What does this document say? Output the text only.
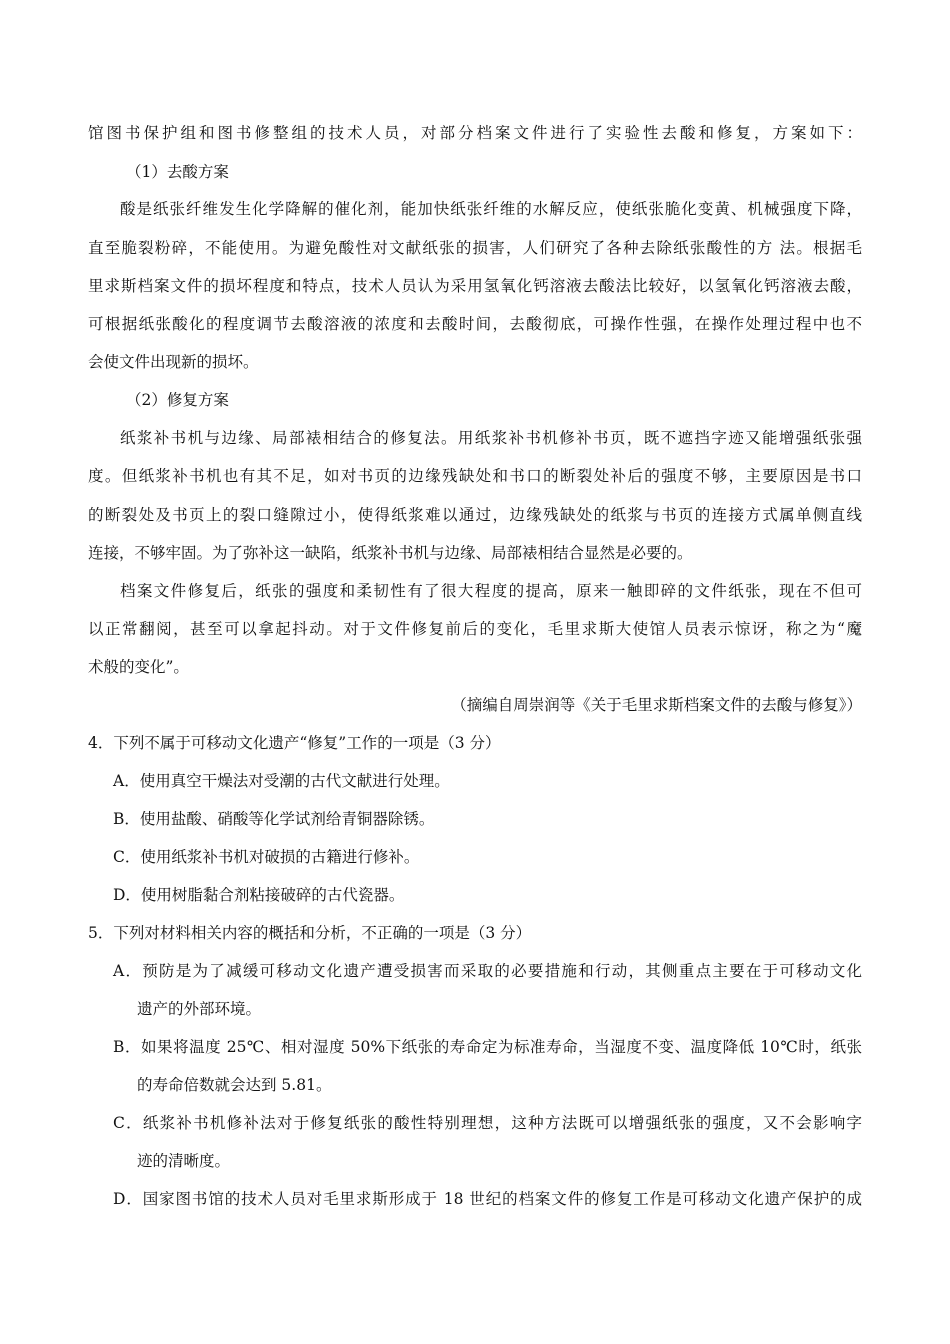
馆图书保护组和图书修整组的技术人员，对部分档案文件进行了实验性去酸和修复，方案如下：
（1）去酸方案
酸是纸张纤维发生化学降解的催化剂，能加快纸张纤维的水解反应，使纸张脆化变黄、机械强度下降，
直至脆裂粉碎，不能使用。为避免酸性对文献纸张的损害，人们研究了各种去除纸张酸性的方 法。根据毛
里求斯档案文件的损坏程度和特点，技术人员认为采用氢氧化钙溶液去酸法比较好，以氢氧化钙溶液去酸，
可根据纸张酸化的程度调节去酸溶液的浓度和去酸时间，去酸彻底，可操作性强，在操作处理过程中也不
会使文件出现新的损坏。
（2）修复方案
纸浆补书机与边缘、局部裱相结合的修复法。用纸浆补书机修补书页，既不遮挡字迹又能增强纸张强
度。但纸浆补书机也有其不足，如对书页的边缘残缺处和书口的断裂处补后的强度不够，主要原因是书口
的断裂处及书页上的裂口缝隙过小，使得纸浆难以通过，边缘残缺处的纸浆与书页的连接方式属单侧直线
连接，不够牢固。为了弥补这一缺陷，纸浆补书机与边缘、局部裱相结合显然是必要的。
档案文件修复后，纸张的强度和柔韧性有了很大程度的提高，原来一触即碎的文件纸张，现在不但可
以正常翻阅，甚至可以拿起抖动。对于文件修复前后的变化，毛里求斯大使馆人员表示惊讶，称之为“魔
术般的变化”。
（摘编自周崇润等《关于毛里求斯档案文件的去酸与修复》）
4．下列不属于可移动文化遗产“修复”工作的一项是（3 分）
A．使用真空干燥法对受潮的古代文献进行处理。
B．使用盐酸、硝酸等化学试剂给青铜器除锈。
C．使用纸浆补书机对破损的古籍进行修补。
D．使用树脂黏合剂粘接破碎的古代瓷器。
5．下列对材料相关内容的概括和分析，不正确的一项是（3 分）
A．预防是为了减缓可移动文化遗产遭受损害而采取的必要措施和行动，其侧重点主要在于可移动文化
遗产的外部环境。
B．如果将温度 25℃、相对湿度 50%下纸张的寿命定为标准寿命，当湿度不变、温度降低 10℃时，纸张
的寿命倍数就会达到 5.81。
C．纸浆补书机修补法对于修复纸张的酸性特别理想，这种方法既可以增强纸张的强度，又不会影响字
迹的清晰度。
D．国家图书馆的技术人员对毛里求斯形成于 18 世纪的档案文件的修复工作是可移动文化遗产保护的成
